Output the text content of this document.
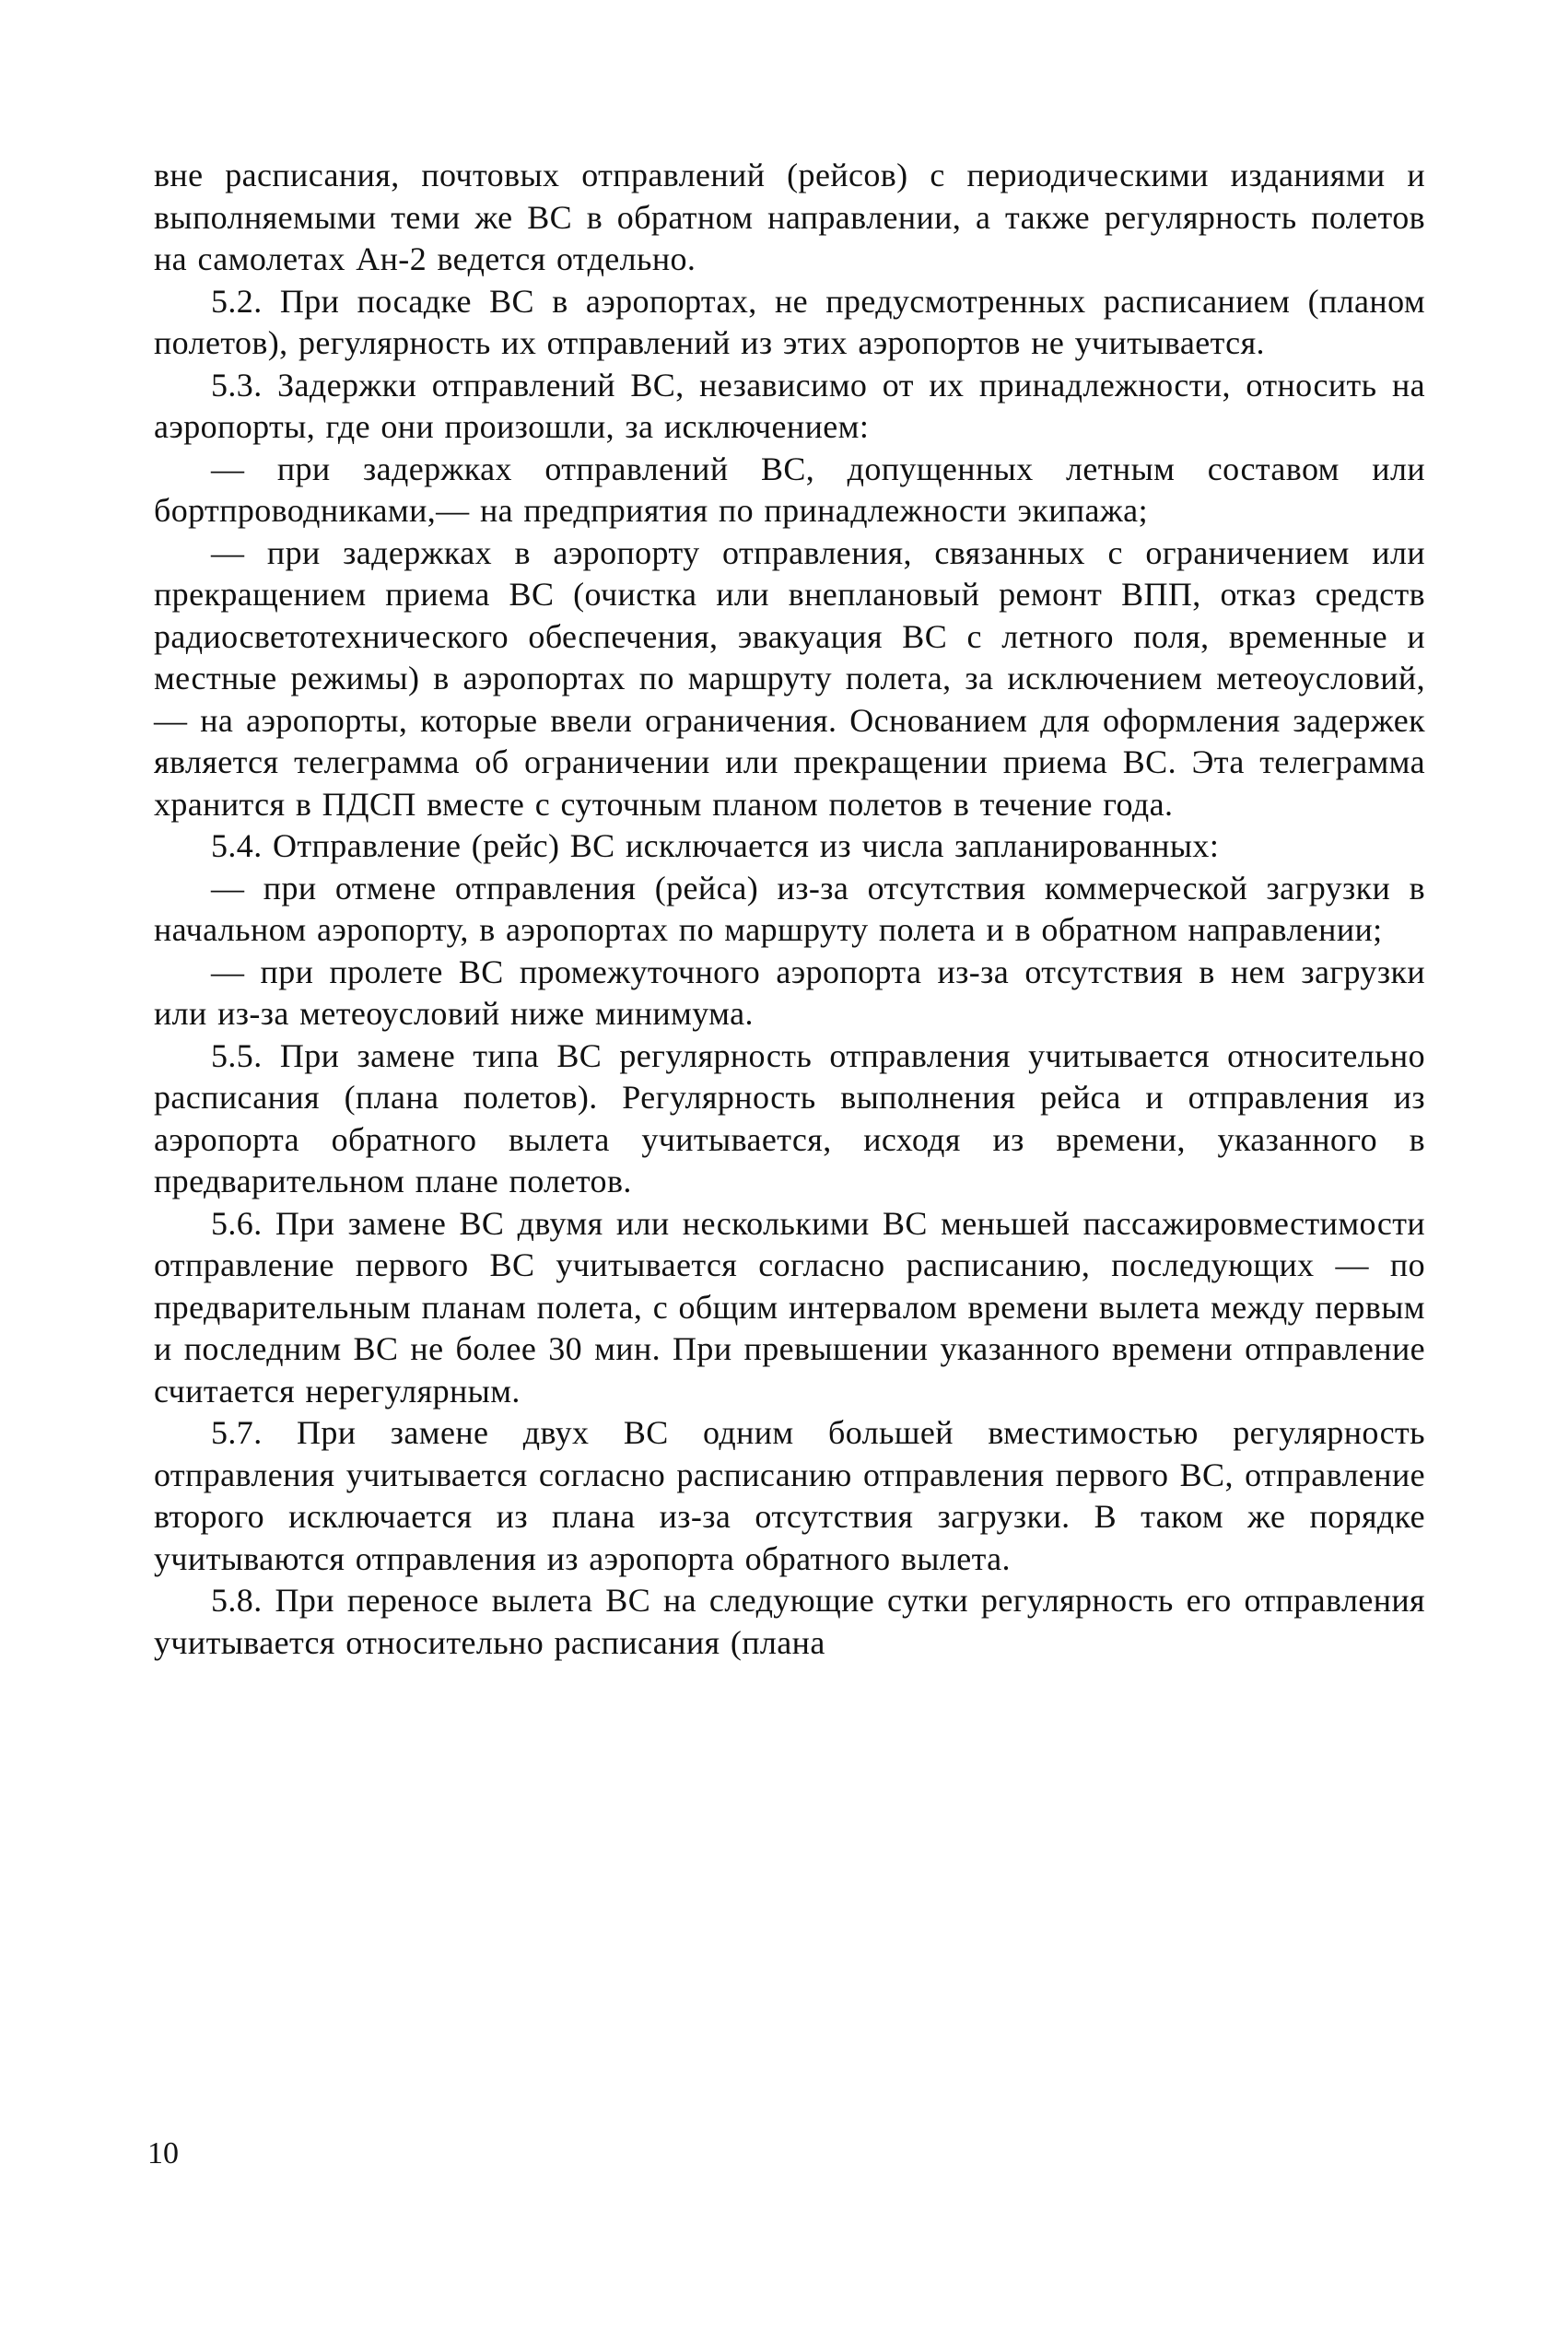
вне расписания, почтовых отправлений (рейсов) с периодическими изданиями и выполняемыми теми же ВС в обратном направлении, а также регулярность полетов на самолетах Ан-2 ведется отдельно.

5.2. При посадке ВС в аэропортах, не предусмотренных расписанием (планом полетов), регулярность их отправлений из этих аэропортов не учитывается.

5.3. Задержки отправлений ВС, независимо от их принадлежности, относить на аэропорты, где они произошли, за исключением:

— при задержках отправлений ВС, допущенных летным составом или бортпроводниками,— на предприятия по принадлежности экипажа;

— при задержках в аэропорту отправления, связанных с ограничением или прекращением приема ВС (очистка или внеплановый ремонт ВПП, отказ средств радиосветотехнического обеспечения, эвакуация ВС с летного поля, временные и местные режимы) в аэропортах по маршруту полета, за исключением метеоусловий,— на аэропорты, которые ввели ограничения. Основанием для оформления задержек является телеграмма об ограничении или прекращении приема ВС. Эта телеграмма хранится в ПДСП вместе с суточным планом полетов в течение года.

5.4. Отправление (рейс) ВС исключается из числа запланированных:

— при отмене отправления (рейса) из-за отсутствия коммерческой загрузки в начальном аэропорту, в аэропортах по маршруту полета и в обратном направлении;

— при пролете ВС промежуточного аэропорта из-за отсутствия в нем загрузки или из-за метеоусловий ниже минимума.

5.5. При замене типа ВС регулярность отправления учитывается относительно расписания (плана полетов). Регулярность выполнения рейса и отправления из аэропорта обратного вылета учитывается, исходя из времени, указанного в предварительном плане полетов.

5.6. При замене ВС двумя или несколькими ВС меньшей пассажировместимости отправление первого ВС учитывается согласно расписанию, последующих — по предварительным планам полета, с общим интервалом времени вылета между первым и последним ВС не более 30 мин. При превышении указанного времени отправление считается нерегулярным.

5.7. При замене двух ВС одним большей вместимостью регулярность отправления учитывается согласно расписанию отправления первого ВС, отправление второго исключается из плана из-за отсутствия загрузки. В таком же порядке учитываются отправления из аэропорта обратного вылета.

5.8. При переносе вылета ВС на следующие сутки регулярность его отправления учитывается относительно расписания (плана

10
